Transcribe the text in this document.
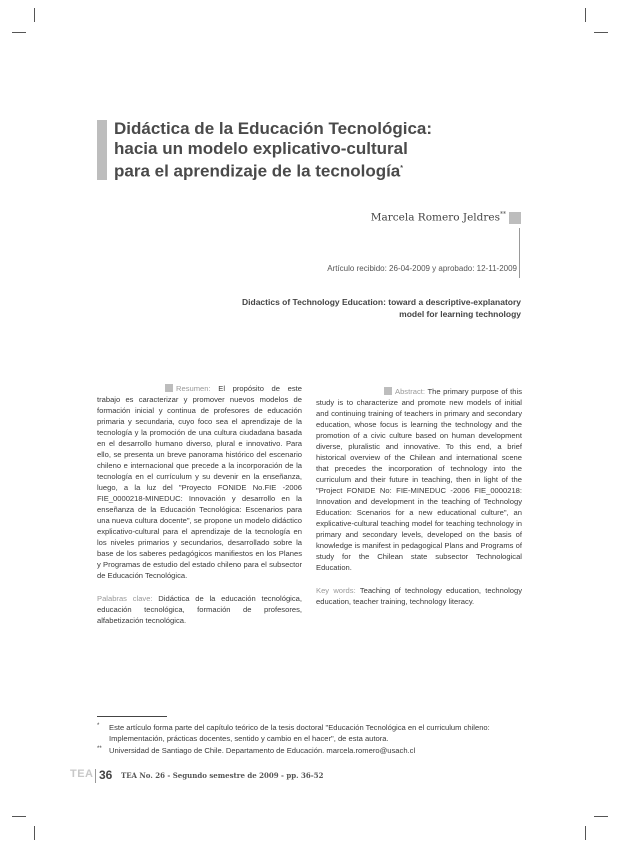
Didáctica de la Educación Tecnológica:
hacia un modelo explicativo-cultural
para el aprendizaje de la tecnología*
Marcela Romero Jeldres**
Artículo recibido: 26-04-2009 y aprobado: 12-11-2009
Didactics of Technology Education: toward a descriptive-explanatory
model for learning technology

Resumen: El propósito de este trabajo es caracterizar y promover nuevos modelos de formación inicial y continua de profesores de educación primaria y secundaria, cuyo foco sea el aprendizaje de la tecnología y la promoción de una cultura ciudadana basada en el desarrollo humano diverso, plural e innovativo. Para ello, se presenta un breve panorama histórico del escenario chileno e internacional que precede a la incorporación de la tecnología en el currículum y su devenir en la enseñanza, luego, a la luz del "Proyecto FONIDE No.FIE -2006 FIE_0000218-MINEDUC: Innovación y desarrollo en la enseñanza de la Educación Tecnológica: Escenarios para una nueva cultura docente", se propone un modelo didáctico explicativo-cultural para el aprendizaje de la tecnología en los niveles primarios y secundarios, desarrollado sobre la base de los saberes pedagógicos manifiestos en los Planes y Programas de estudio del estado chileno para el subsector de Educación Tecnológica.

Palabras clave: Didáctica de la educación tecnológica, educación tecnológica, formación de profesores, alfabetización tecnológica.

Abstract: The primary purpose of this study is to characterize and promote new models of initial and continuing training of teachers in primary and secondary education, whose focus is learning the technology and the promotion of a civic culture based on human development diverse, pluralistic and innovative. To this end, a brief historical overview of the Chilean and international scene that precedes the incorporation of technology into the curriculum and their future in teaching, then in light of the "Project FONIDE No: FIE-MINEDUC -2006 FIE_0000218: Innovation and development in the teaching of Technology Education: Scenarios for a new educational culture", an explicative-cultural teaching model for teaching technology in primary and secondary levels, developed on the basis of knowledge is manifest in pedagogical Plans and Programs of study for the Chilean state subsector Technological Education.

Key words: Teaching of technology education, technology education, teacher training, technology literacy.

* Este artículo forma parte del capítulo teórico de la tesis doctoral "Educación Tecnológica en el curriculum chileno: Implementación, prácticas docentes, sentido y cambio en el hacer", de esta autora.

** Universidad de Santiago de Chile. Departamento de Educación. marcela.romero@usach.cl

TEA 36 TEA No. 26 - Segundo semestre de 2009 - pp. 36-52
